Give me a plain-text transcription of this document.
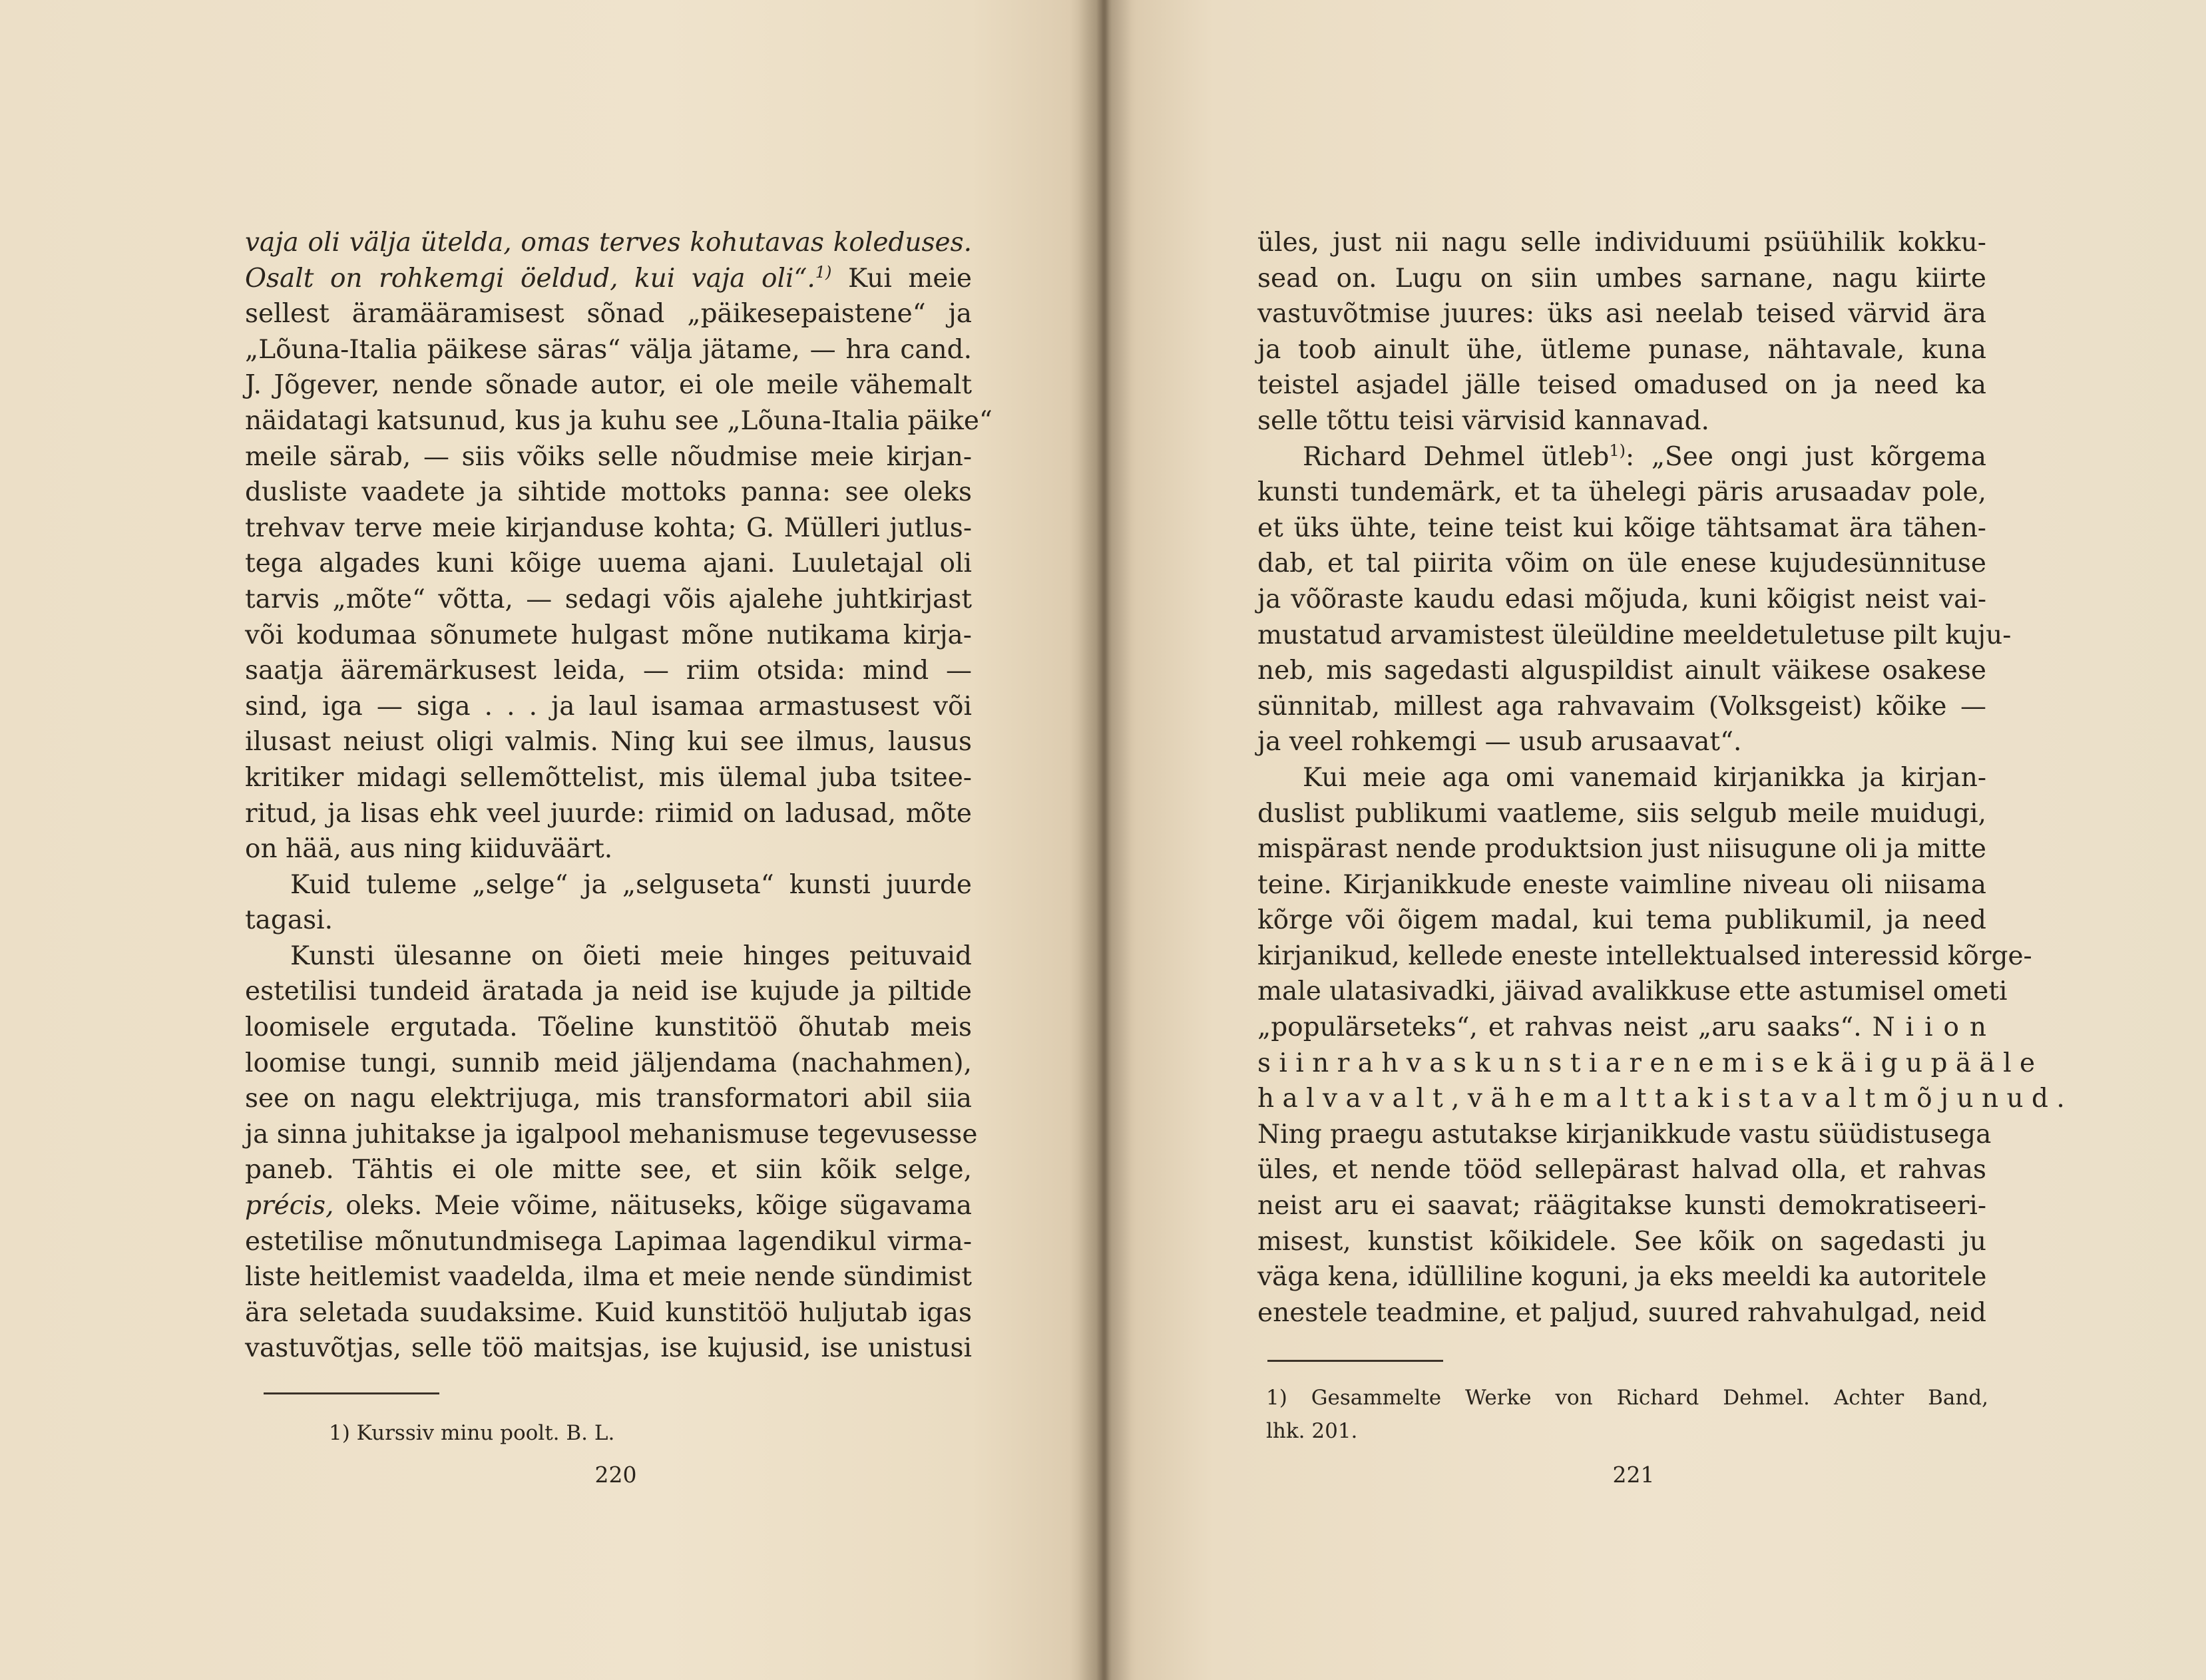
vaja oli välja ütelda, omas terves kohutavas koleduses.
Osalt on rohkemgi öeldud, kui vaja oli“.$^{1)}$ Kui meie
sellest äramääramisest sõnad „päikesepaistene“ ja
„Lõuna-Italia päikese säras“ välja jätame, — hra cand.
J. Jõgever, nende sõnade autor, ei ole meile vähemalt
näidatagi katsunud, kus ja kuhu see „Lõuna-Italia päike“
meile särab, — siis võiks selle nõudmise meie kirjan-
dusliste vaadete ja sihtide mottoks panna: see oleks
trehvav terve meie kirjanduse kohta; G. Mülleri jutlus-
tega algades kuni kõige uuema ajani. Luuletajal oli
tarvis „mõte“ võtta, — sedagi võis ajalehe juhtkirjast
või kodumaa sõnumete hulgast mõne nutikama kirja-
saatja ääremärkusest leida, — riim otsida: mind —
sind, iga — siga . . . ja laul isamaa armastusest või
ilusast neiust oligi valmis. Ning kui see ilmus, lausus
kritiker midagi sellemõttelist, mis ülemal juba tsitee-
ritud, ja lisas ehk veel juurde: riimid on ladusad, mõte
on hää, aus ning kiiduväärt.
Kuid tuleme „selge“ ja „selguseta“ kunsti juurde
tagasi.
Kunsti ülesanne on õieti meie hinges peituvaid
estetilisi tundeid äratada ja neid ise kujude ja piltide
loomisele ergutada. Tõeline kunstitöö õhutab meis
loomise tungi, sunnib meid jäljendama (nachahmen),
see on nagu elektrijuga, mis transformatori abil siia
ja sinna juhitakse ja igalpool mehanismuse tegevusesse
paneb. Tähtis ei ole mitte see, et siin kõik selge,
précis, oleks. Meie võime, näituseks, kõige sügavama
estetilise mõnutundmisega Lapimaa lagendikul virma-
liste heitlemist vaadelda, ilma et meie nende sündimist
ära seletada suudaksime. Kuid kunstitöö huljutab igas
vastuvõtjas, selle töö maitsjas, ise kujusid, ise unistusi
1) Kurssiv minu poolt. B. L.
220
üles, just nii nagu selle individuumi psüühilik kokku-
sead on. Lugu on siin umbes sarnane, nagu kiirte
vastuvõtmise juures: üks asi neelab teised värvid ära
ja toob ainult ühe, ütleme punase, nähtavale, kuna
teistel asjadel jälle teised omadused on ja need ka
selle tõttu teisi värvisid kannavad.
Richard Dehmel ütleb$^{1)}$: „See ongi just kõrgema
kunsti tundemärk, et ta ühelegi päris arusaadav pole,
et üks ühte, teine teist kui kõige tähtsamat ära tähen-
dab, et tal piirita võim on üle enese kujudesünnituse
ja võõraste kaudu edasi mõjuda, kuni kõigist neist vai-
mustatud arvamistest üleüldine meeldetuletuse pilt kuju-
neb, mis sagedasti alguspildist ainult väikese osakese
sünnitab, millest aga rahvavaim (Volksgeist) kõike —
ja veel rohkemgi — usub arusaavat“.
Kui meie aga omi vanemaid kirjanikka ja kirjan-
duslist publikumi vaatleme, siis selgub meile muidugi,
mispärast nende produktsion just niisugune oli ja mitte
teine. Kirjanikkude eneste vaimline niveau oli niisama
kõrge või õigem madal, kui tema publikumil, ja need
kirjanikud, kellede eneste intellektualsed interessid kõrge-
male ulatasivadki, jäivad avalikkuse ette astumisel ometi
„populärseteks“, et rahvas neist „aru saaks“. N i i o n
s i i n r a h v a s k u n s t i a r e n e m i s e k ä i g u p ä ä l e
h a l v a v a l t , v ä h e m a l t t a k i s t a v a l t m õ j u n u d .
Ning praegu astutakse kirjanikkude vastu süüdistusega
üles, et nende tööd sellepärast halvad olla, et rahvas
neist aru ei saavat; räägitakse kunsti demokratiseeri-
misest, kunstist kõikidele. See kõik on sagedasti ju
väga kena, idülliline koguni, ja eks meeldi ka autoritele
enestele teadmine, et paljud, suured rahvahulgad, neid
1) Gesammelte Werke von Richard Dehmel. Achter Band,
lhk. 201.
221
